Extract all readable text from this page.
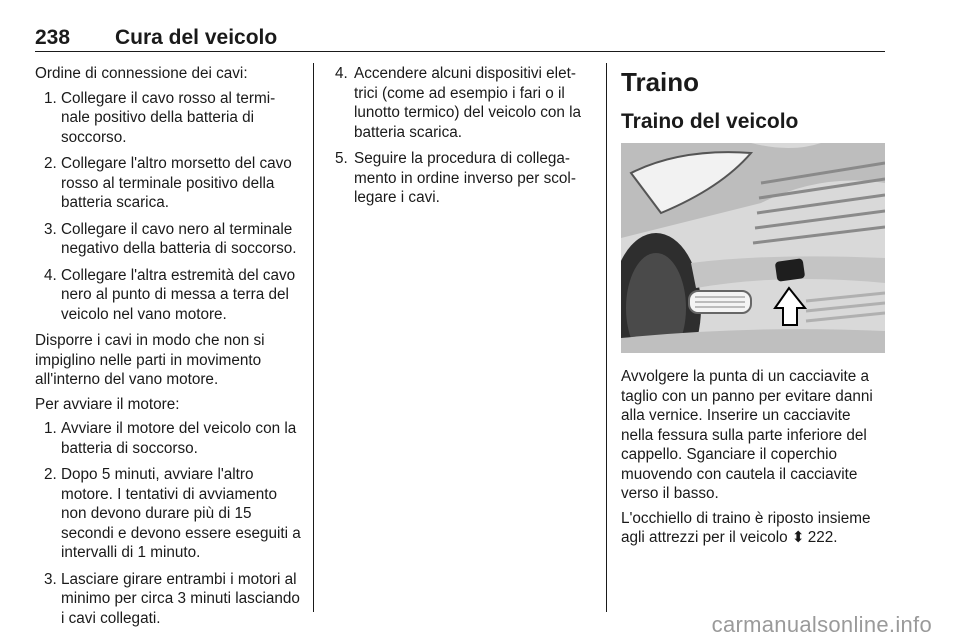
238 Cura del veicolo

Ordine di connessione dei cavi:

1. Collegare il cavo rosso al termi‐ nale positivo della batteria di soccorso.
2. Collegare l'altro morsetto del cavo rosso al terminale positivo della batteria scarica.
3. Collegare il cavo nero al terminale negativo della batteria di soccorso.
4. Collegare l'altra estremità del cavo nero al punto di messa a terra del veicolo nel vano motore.

Disporre i cavi in modo che non si impiglino nelle parti in movimento all'interno del vano motore.

Per avviare il motore:

1. Avviare il motore del veicolo con la batteria di soccorso.
2. Dopo 5 minuti, avviare l'altro motore. I tentativi di avviamento non devono durare più di 15 secondi e devono essere eseguiti a intervalli di 1 minuto.
3. Lasciare girare entrambi i motori al minimo per circa 3 minuti lasciando i cavi collegati.
4. Accendere alcuni dispositivi elet‐ trici (come ad esempio i fari o il lunotto termico) del veicolo con la batteria scarica.
5. Seguire la procedura di collega‐ mento in ordine inverso per scol‐ legare i cavi.
Traino
Traino del veicolo

Avvolgere la punta di un cacciavite a taglio con un panno per evitare danni alla vernice. Inserire un cacciavite nella fessura sulla parte inferiore del cappello. Sganciare il coperchio muovendo con cautela il cacciavite verso il basso.

L'occhiello di traino è riposto insieme agli attrezzi per il veicolo ⬍  222.

carmanualsonline.info
